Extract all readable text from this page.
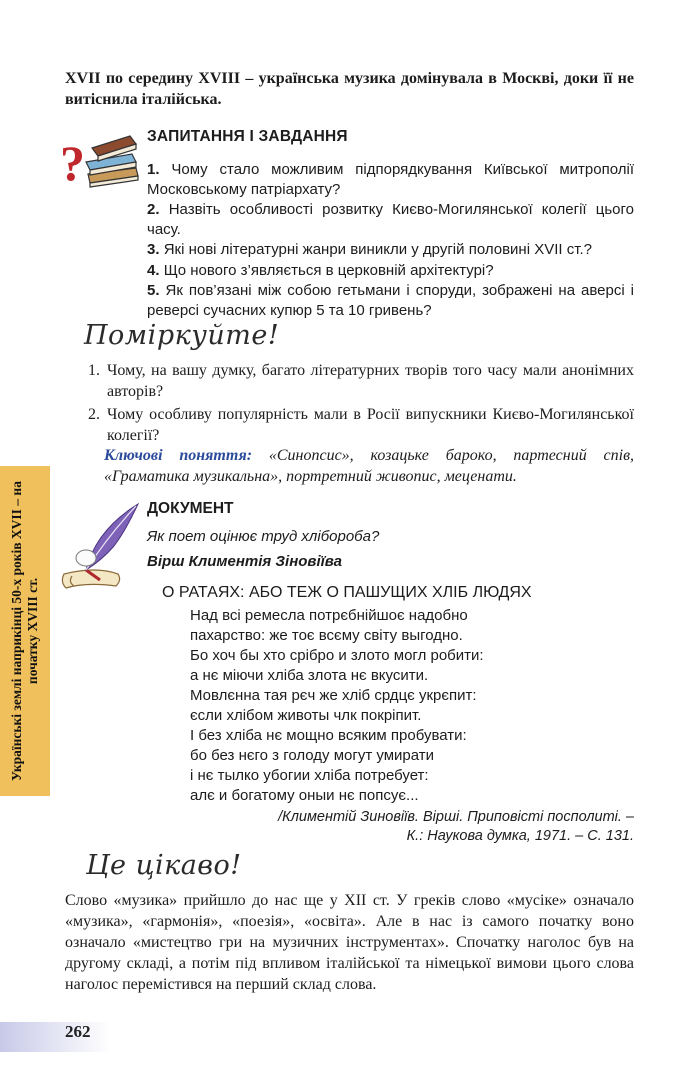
XVII по середину XVIII – українська музика домінувала в Москві, доки її не витіснила італійська.

?	ЗАПИТАННЯ І ЗАВДАННЯ
1. Чому стало можливим підпорядкування Київської митрополії Московському патріархату?
2. Назвіть особливості розвитку Києво-Могилянської колегії цього часу.
3. Які нові літературні жанри виникли у другій половині XVII ст.?
4. Що нового з’являється в церковній архітектурі?
5. Як пов’язані між собою гетьмани і споруди, зображені на аверсі і реверсі сучасних купюр 5 та 10 гривень?
Поміркуйте!
1. Чому, на вашу думку, багато літературних творів того часу мали анонімних авторів?
2. Чому особливу популярність мали в Росії випускники Києво-Могилянської колегії?

Ключові поняття: «Синопсис», козацьке бароко, партесний спів, «Граматика музикальна», портретний живопис, меценати.

ДОКУМЕНТ
Як поет оцінює труд хлібороба?
Вірш Климентія Зіновіїва
О РАТАЯХ: АБО ТЕЖ О ПАШУЩИХ ХЛІБ ЛЮДЯХ
Над всі ремесла потрєбнійшоє надобно
пахарство: же тоє всєму світу выгодно.
Бо хоч бы хто срібро и злото могл робити:
а нє міючи хліба злота нє вкусити.
Мовлєнна тая рєч же хліб срдцє укрєпит:
єсли хлібом животы члк покріпит.
І без хліба нє мощно всяким пробувати:
бо без нєго з голоду могут умирати
і нє тылко убогии хліба потребует:
алє и богатому оныи нє попсує...
/Климентій Зиновіїв. Вірші. Приповісті посполиті. –
К.: Наукова думка, 1971. – С. 131.
Це цікаво!

Слово «музика» прийшло до нас ще у XII ст. У греків слово «мусіке» означало «музика», «гармонія», «поезія», «освіта». Але в нас із самого початку воно означало «мистецтво гри на музичних інструментах». Спочатку наголос був на другому складі, а потім під впливом італійської та німецької вимови цього слова наголос перемістився на перший склад слова.

Українські землі наприкінці 50-х років XVII – на початку XVIII ст.
262
